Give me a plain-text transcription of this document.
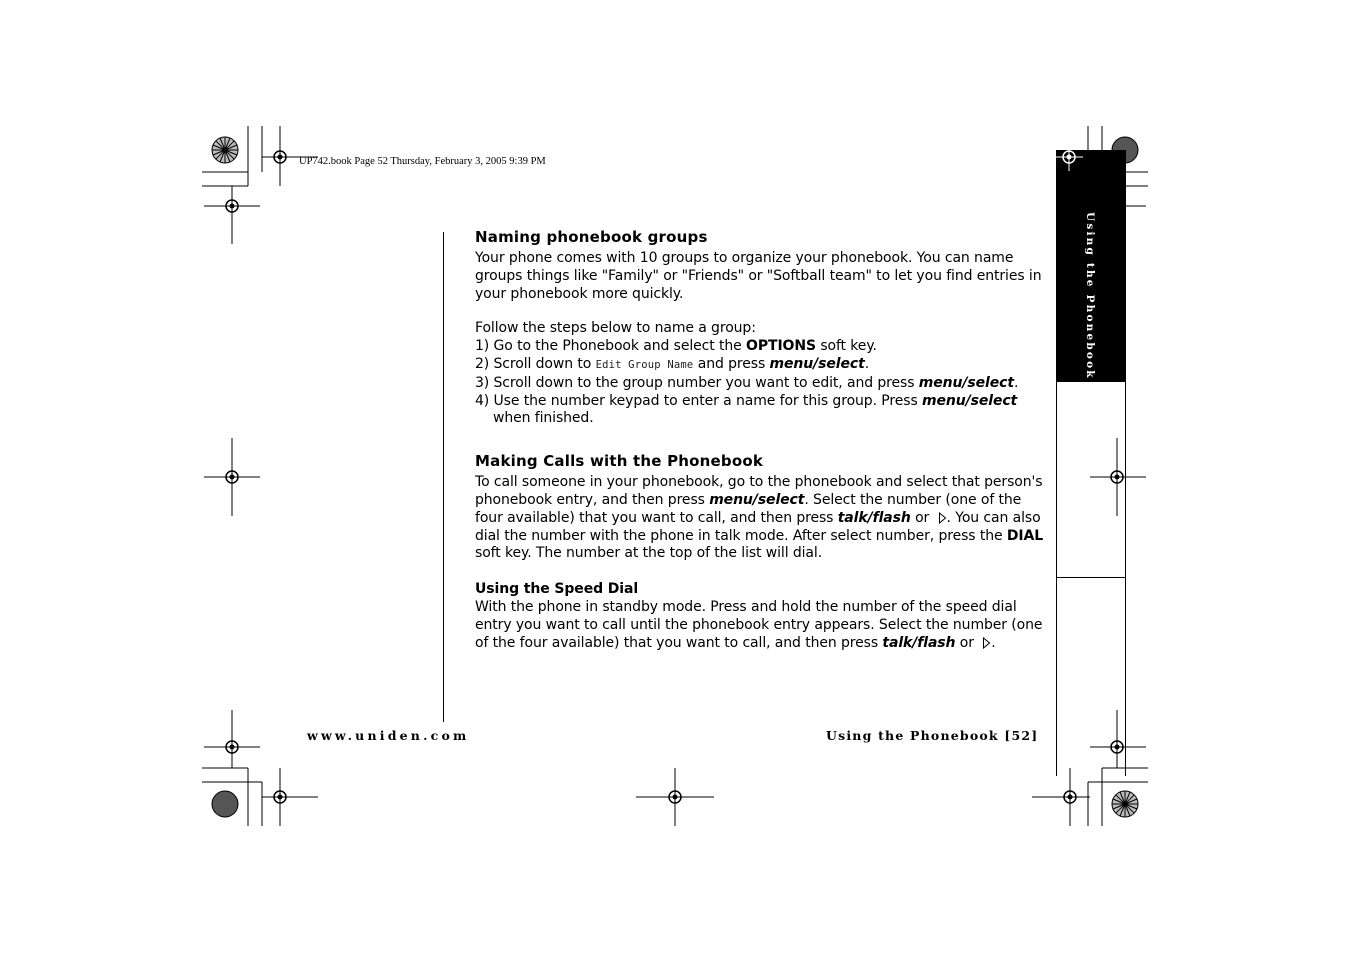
UP742.book Page 52 Thursday, February 3, 2005 9:39 PM
Using the Phonebook
Naming phonebook groups

Your phone comes with 10 groups to organize your phonebook. You can name groups things like "Family" or "Friends" or "Softball team" to let you find entries in your phonebook more quickly.

Follow the steps below to name a group:

1) Go to the Phonebook and select the OPTIONS soft key.

2) Scroll down to Edit Group Name and press menu/select.

3) Scroll down to the group number you want to edit, and press menu/select.

4) Use the number keypad to enter a name for this group. Press menu/select when finished.

Making Calls with the Phonebook

To call someone in your phonebook, go to the phonebook and select that person's phonebook entry, and then press menu/select. Select the number (one of the four available) that you want to call, and then press talk/flash or
. You can also dial the number with the phone in talk mode. After select number, press the DIAL soft key. The number at the top of the list will dial.

Using the Speed Dial

With the phone in standby mode. Press and hold the number of the speed dial entry you want to call until the phonebook entry appears. Select the number (one of the four available) that you want to call, and then press talk/flash or
.

www.uniden.com	Using the Phonebook [52]
